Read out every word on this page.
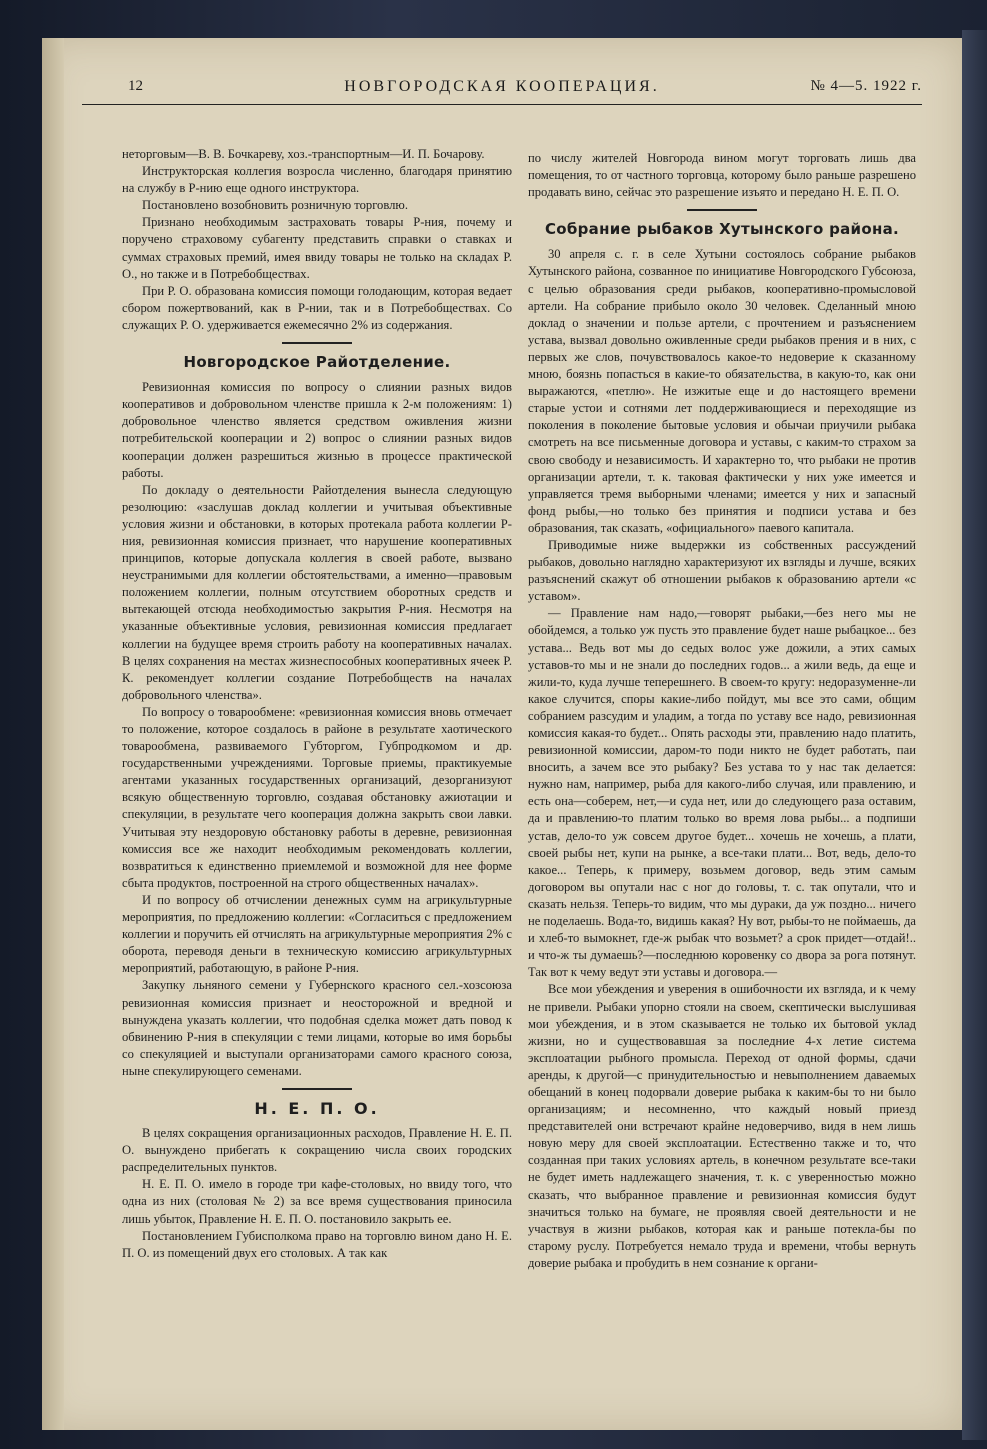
12	НОВГОРОДСКАЯ КООПЕРАЦИЯ.	№ 4—5. 1922 г.

неторговым—В. В. Бочкареву, хоз.-транспортным—И. П. Бочарову.

Инструкторская коллегия возросла численно, благодаря принятию на службу в Р-нию еще одного инструктора.

Постановлено возобновить розничную торговлю.

Признано необходимым застраховать товары Р-ния, почему и поручено страховому субагенту представить справки о ставках и суммах страховых премий, имея ввиду товары не только на складах Р. О., но также и в Потребобществах.

При Р. О. образована комиссия помощи голодающим, которая ведает сбором пожертвований, как в Р-нии, так и в Потребобществах. Со служащих Р. О. удерживается ежемесячно 2% из содержания.

Новгородское Райотделение.

Ревизионная комиссия по вопросу о слиянии разных видов кооперативов и добровольном членстве пришла к 2-м положениям: 1) добровольное членство является средством оживления жизни потребительской кооперации и 2) вопрос о слиянии разных видов кооперации должен разрешиться жизнью в процессе практической работы.

По докладу о деятельности Райотделения вынесла следующую резолюцию: «заслушав доклад коллегии и учитывая объективные условия жизни и обстановки, в которых протекала работа коллегии Р-ния, ревизионная комиссия признает, что нарушение кооперативных принципов, которые допускала коллегия в своей работе, вызвано неустранимыми для коллегии обстоятельствами, а именно—правовым положением коллегии, полным отсутствием оборотных средств и вытекающей отсюда необходимостью закрытия Р-ния. Несмотря на указанные объективные условия, ревизионная комиссия предлагает коллегии на будущее время строить работу на кооперативных началах. В целях сохранения на местах жизнеспособных кооперативных ячеек Р. К. рекомендует коллегии создание Потребобществ на началах добровольного членства».

По вопросу о товарообмене: «ревизионная комиссия вновь отмечает то положение, которое создалось в районе в результате хаотического товарообмена, развиваемого Губторгом, Губпродкомом и др. государственными учреждениями. Торговые приемы, практикуемые агентами указанных государственных организаций, дезорганизуют всякую общественную торговлю, создавая обстановку ажиотации и спекуляции, в результате чего кооперация должна закрыть свои лавки. Учитывая эту нездоровую обстановку работы в деревне, ревизионная комиссия все же находит необходимым рекомендовать коллегии, возвратиться к единственно приемлемой и возможной для нее форме сбыта продуктов, построенной на строго общественных началах».

И по вопросу об отчислении денежных сумм на агрикультурные мероприятия, по предложению коллегии: «Согласиться с предложением коллегии и поручить ей отчислять на агрикультурные мероприятия 2% с оборота, переводя деньги в техническую комиссию агрикультурных мероприятий, работающую, в районе Р-ния.

Закупку льняного семени у Губернского красного сел.-хозсоюза ревизионная комиссия признает и неосторожной и вредной и вынуждена указать коллегии, что подобная сделка может дать повод к обвинению Р-ния в спекуляции с теми лицами, которые во имя борьбы со спекуляцией и выступали организаторами самого красного союза, ныне спекулирующего семенами.

Н. Е. П. О.

В целях сокращения организационных расходов, Правление Н. Е. П. О. вынуждено прибегать к сокращению числа своих городских распределительных пунктов.

Н. Е. П. О. имело в городе три кафе-столовых, но ввиду того, что одна из них (столовая № 2) за все время существования приносила лишь убыток, Правление Н. Е. П. О. постановило закрыть ее.

Постановлением Губисполкома право на торговлю вином дано Н. Е. П. О. из помещений двух его столовых. А так как

по числу жителей Новгорода вином могут торговать лишь два помещения, то от частного торговца, которому было раньше разрешено продавать вино, сейчас это разрешение изъято и передано Н. Е. П. О.

Собрание рыбаков Хутынского района.

30 апреля с. г. в селе Хутыни состоялось собрание рыбаков Хутынского района, созванное по инициативе Новгородского Губсоюза, с целью образования среди рыбаков, кооперативно-промысловой артели. На собрание прибыло около 30 человек. Сделанный мною доклад о значении и пользе артели, с прочтением и разъяснением устава, вызвал довольно оживленные среди рыбаков прения и в них, с первых же слов, почувствовалось какое-то недоверие к сказанному мною, боязнь попасться в какие-то обязательства, в какую-то, как они выражаются, «петлю». Не изжитые еще и до настоящего времени старые устои и сотнями лет поддерживающиеся и переходящие из поколения в поколение бытовые условия и обычаи приучили рыбака смотреть на все письменные договора и уставы, с каким-то страхом за свою свободу и независимость. И характерно то, что рыбаки не против организации артели, т. к. таковая фактически у них уже имеется и управляется тремя выборными членами; имеется у них и запасный фонд рыбы,—но только без принятия и подписи устава и без образования, так сказать, «официального» паевого капитала.

Приводимые ниже выдержки из собственных рассуждений рыбаков, довольно наглядно характеризуют их взгляды и лучше, всяких разъяснений скажут об отношении рыбаков к образованию артели «с уставом».

— Правление нам надо,—говорят рыбаки,—без него мы не обойдемся, а только уж пусть это правление будет наше рыбацкое... без устава... Ведь вот мы до седых волос уже дожили, а этих самых уставов-то мы и не знали до последних годов... а жили ведь, да еще и жили-то, куда лучше теперешнего. В своем-то кругу: недоразуменне-ли какое случится, споры какие-либо пойдут, мы все это сами, общим собранием разсудим и уладим, а тогда по уставу все надо, ревизионная комиссия какая-то будет... Опять расходы эти, правлению надо платить, ревизионной комиссии, даром-то поди никто не будет работать, паи вносить, а зачем все это рыбаку? Без устава то у нас так делается: нужно нам, например, рыба для какого-либо случая, или правлению, и есть она—соберем, нет,—и суда нет, или до следующего раза оставим, да и правлению-то платим только во время лова рыбы... а подпиши устав, дело-то уж совсем другое будет... хочешь не хочешь, а плати, своей рыбы нет, купи на рынке, а все-таки плати... Вот, ведь, дело-то какое... Теперь, к примеру, возьмем договор, ведь этим самым договором вы опутали нас с ног до головы, т. с. так опутали, что и сказать нельзя. Теперь-то видим, что мы дураки, да уж поздно... ничего не поделаешь. Вода-то, видишь какая? Ну вот, рыбы-то не поймаешь, да и хлеб-то вымокнет, где-ж рыбак что возьмет? а срок придет—отдай!.. и что-ж ты думаешь?—последнюю коровенку со двора за рога потянут. Так вот к чему ведут эти уставы и договора.—

Все мои убеждения и уверения в ошибочности их взгляда, и к чему не привели. Рыбаки упорно стояли на своем, скептически выслушивая мои убеждения, и в этом сказывается не только их бытовой уклад жизни, но и существовавшая за последние 4-х летие система эксплоатации рыбного промысла. Переход от одной формы, сдачи аренды, к другой—с принудительностью и невыполнением даваемых обещаний в конец подорвали доверие рыбака к каким-бы то ни было организациям; и несомненно, что каждый новый приезд представителей они встречают крайне недоверчиво, видя в нем лишь новую меру для своей эксплоатации. Естественно также и то, что созданная при таких условиях артель, в конечном результате все-таки не будет иметь надлежащего значения, т. к. с уверенностью можно сказать, что выбранное правление и ревизионная комиссия будут значиться только на бумаге, не проявляя своей деятельности и не участвуя в жизни рыбаков, которая как и раньше потекла-бы по старому руслу. Потребуется немало труда и времени, чтобы вернуть доверие рыбака и пробудить в нем сознание к органи-
